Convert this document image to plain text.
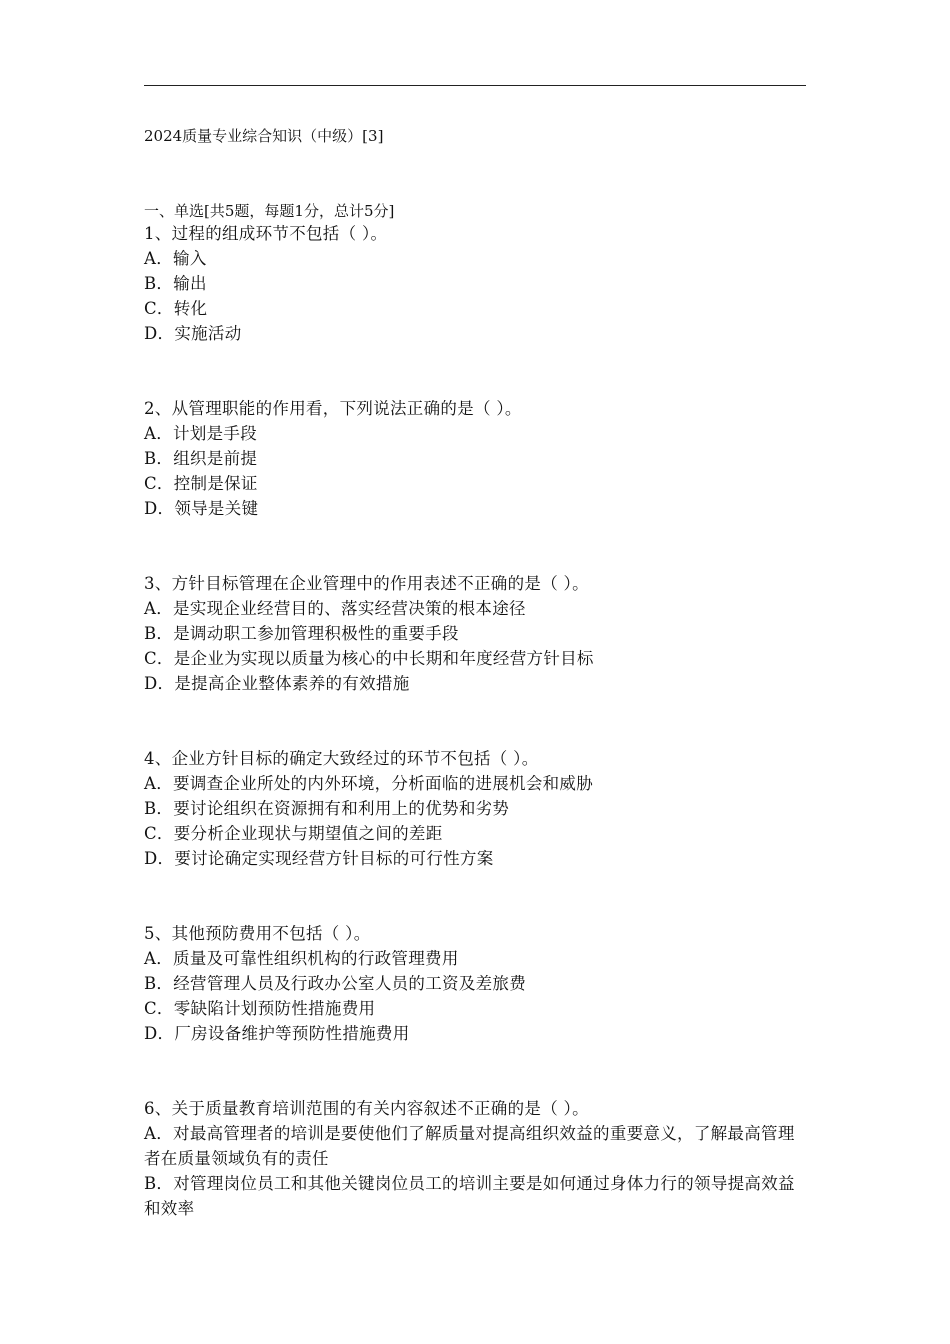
2024质量专业综合知识（中级）[3]
一、单选[共5题，每题1分，总计5分]
1、过程的组成环节不包括（ ）。
A．输入
B．输出
C．转化
D．实施活动
2、从管理职能的作用看，下列说法正确的是（ ）。
A．计划是手段
B．组织是前提
C．控制是保证
D．领导是关键
3、方针目标管理在企业管理中的作用表述不正确的是（ ）。
A．是实现企业经营目的、落实经营决策的根本途径
B．是调动职工参加管理积极性的重要手段
C．是企业为实现以质量为核心的中长期和年度经营方针目标
D．是提高企业整体素养的有效措施
4、企业方针目标的确定大致经过的环节不包括（ ）。
A．要调查企业所处的内外环境，分析面临的进展机会和威胁
B．要讨论组织在资源拥有和利用上的优势和劣势
C．要分析企业现状与期望值之间的差距
D．要讨论确定实现经营方针目标的可行性方案
5、其他预防费用不包括（ ）。
A．质量及可靠性组织机构的行政管理费用
B．经营管理人员及行政办公室人员的工资及差旅费
C．零缺陷计划预防性措施费用
D．厂房设备维护等预防性措施费用
6、关于质量教育培训范围的有关内容叙述不正确的是（ ）。
A．对最高管理者的培训是要使他们了解质量对提高组织效益的重要意义，了解最高管理者在质量领域负有的责任
B．对管理岗位员工和其他关键岗位员工的培训主要是如何通过身体力行的领导提高效益和效率
